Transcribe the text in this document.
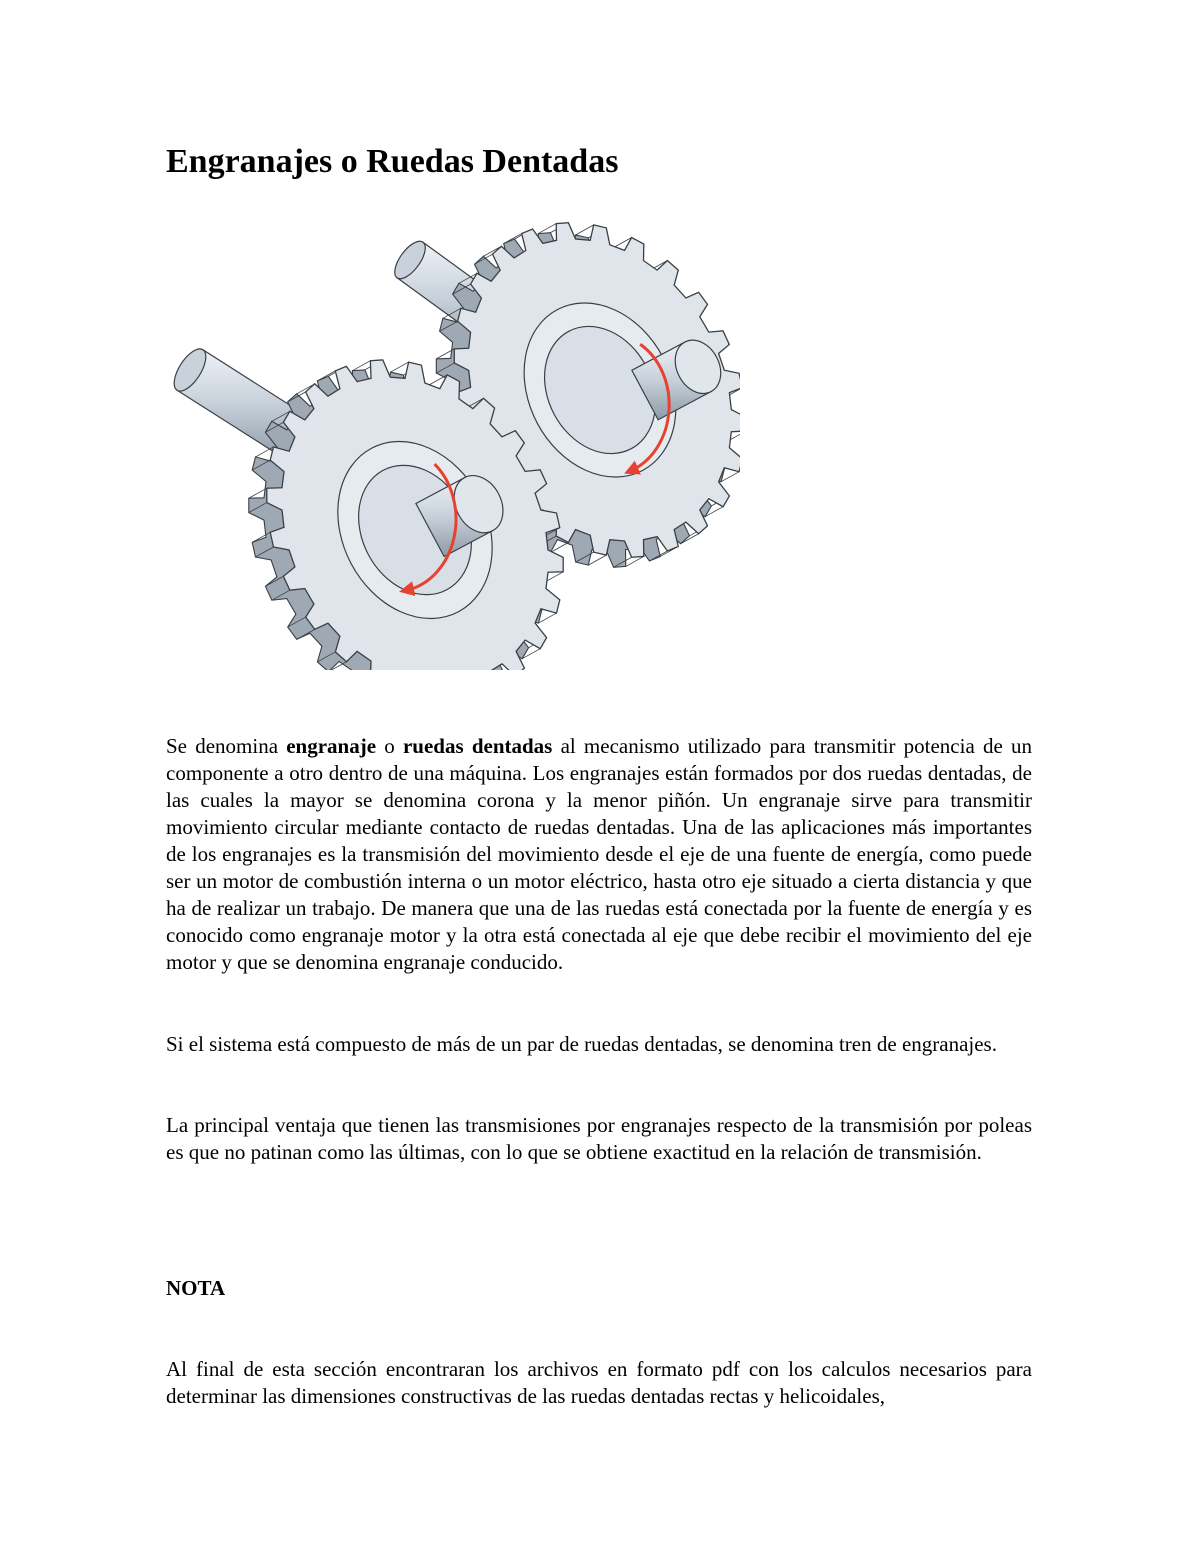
Engranajes o Ruedas Dentadas

Se denomina engranaje o ruedas dentadas al mecanismo utilizado para transmitir potencia de un componente a otro dentro de una máquina. Los engranajes están formados por dos ruedas dentadas, de las cuales la mayor se denomina corona y la menor piñón. Un engranaje sirve para transmitir movimiento circular mediante contacto de ruedas dentadas. Una de las aplicaciones más importantes de los engranajes es la transmisión del movimiento desde el eje de una fuente de energía, como puede ser un motor de combustión interna o un motor eléctrico, hasta otro eje situado a cierta distancia y que ha de realizar un trabajo. De manera que una de las ruedas está conectada por la fuente de energía y es conocido como engranaje motor y la otra está conectada al eje que debe recibir el movimiento del eje motor y que se denomina engranaje conducido.

Si el sistema está compuesto de más de un par de ruedas dentadas, se denomina tren de engranajes.

La principal ventaja que tienen las transmisiones por engranajes respecto de la transmisión por poleas es que no patinan como las últimas, con lo que se obtiene exactitud en la relación de transmisión.

NOTA

Al final de esta sección encontraran los archivos en formato pdf con los calculos necesarios para determinar las dimensiones constructivas de las ruedas dentadas rectas y helicoidales,
